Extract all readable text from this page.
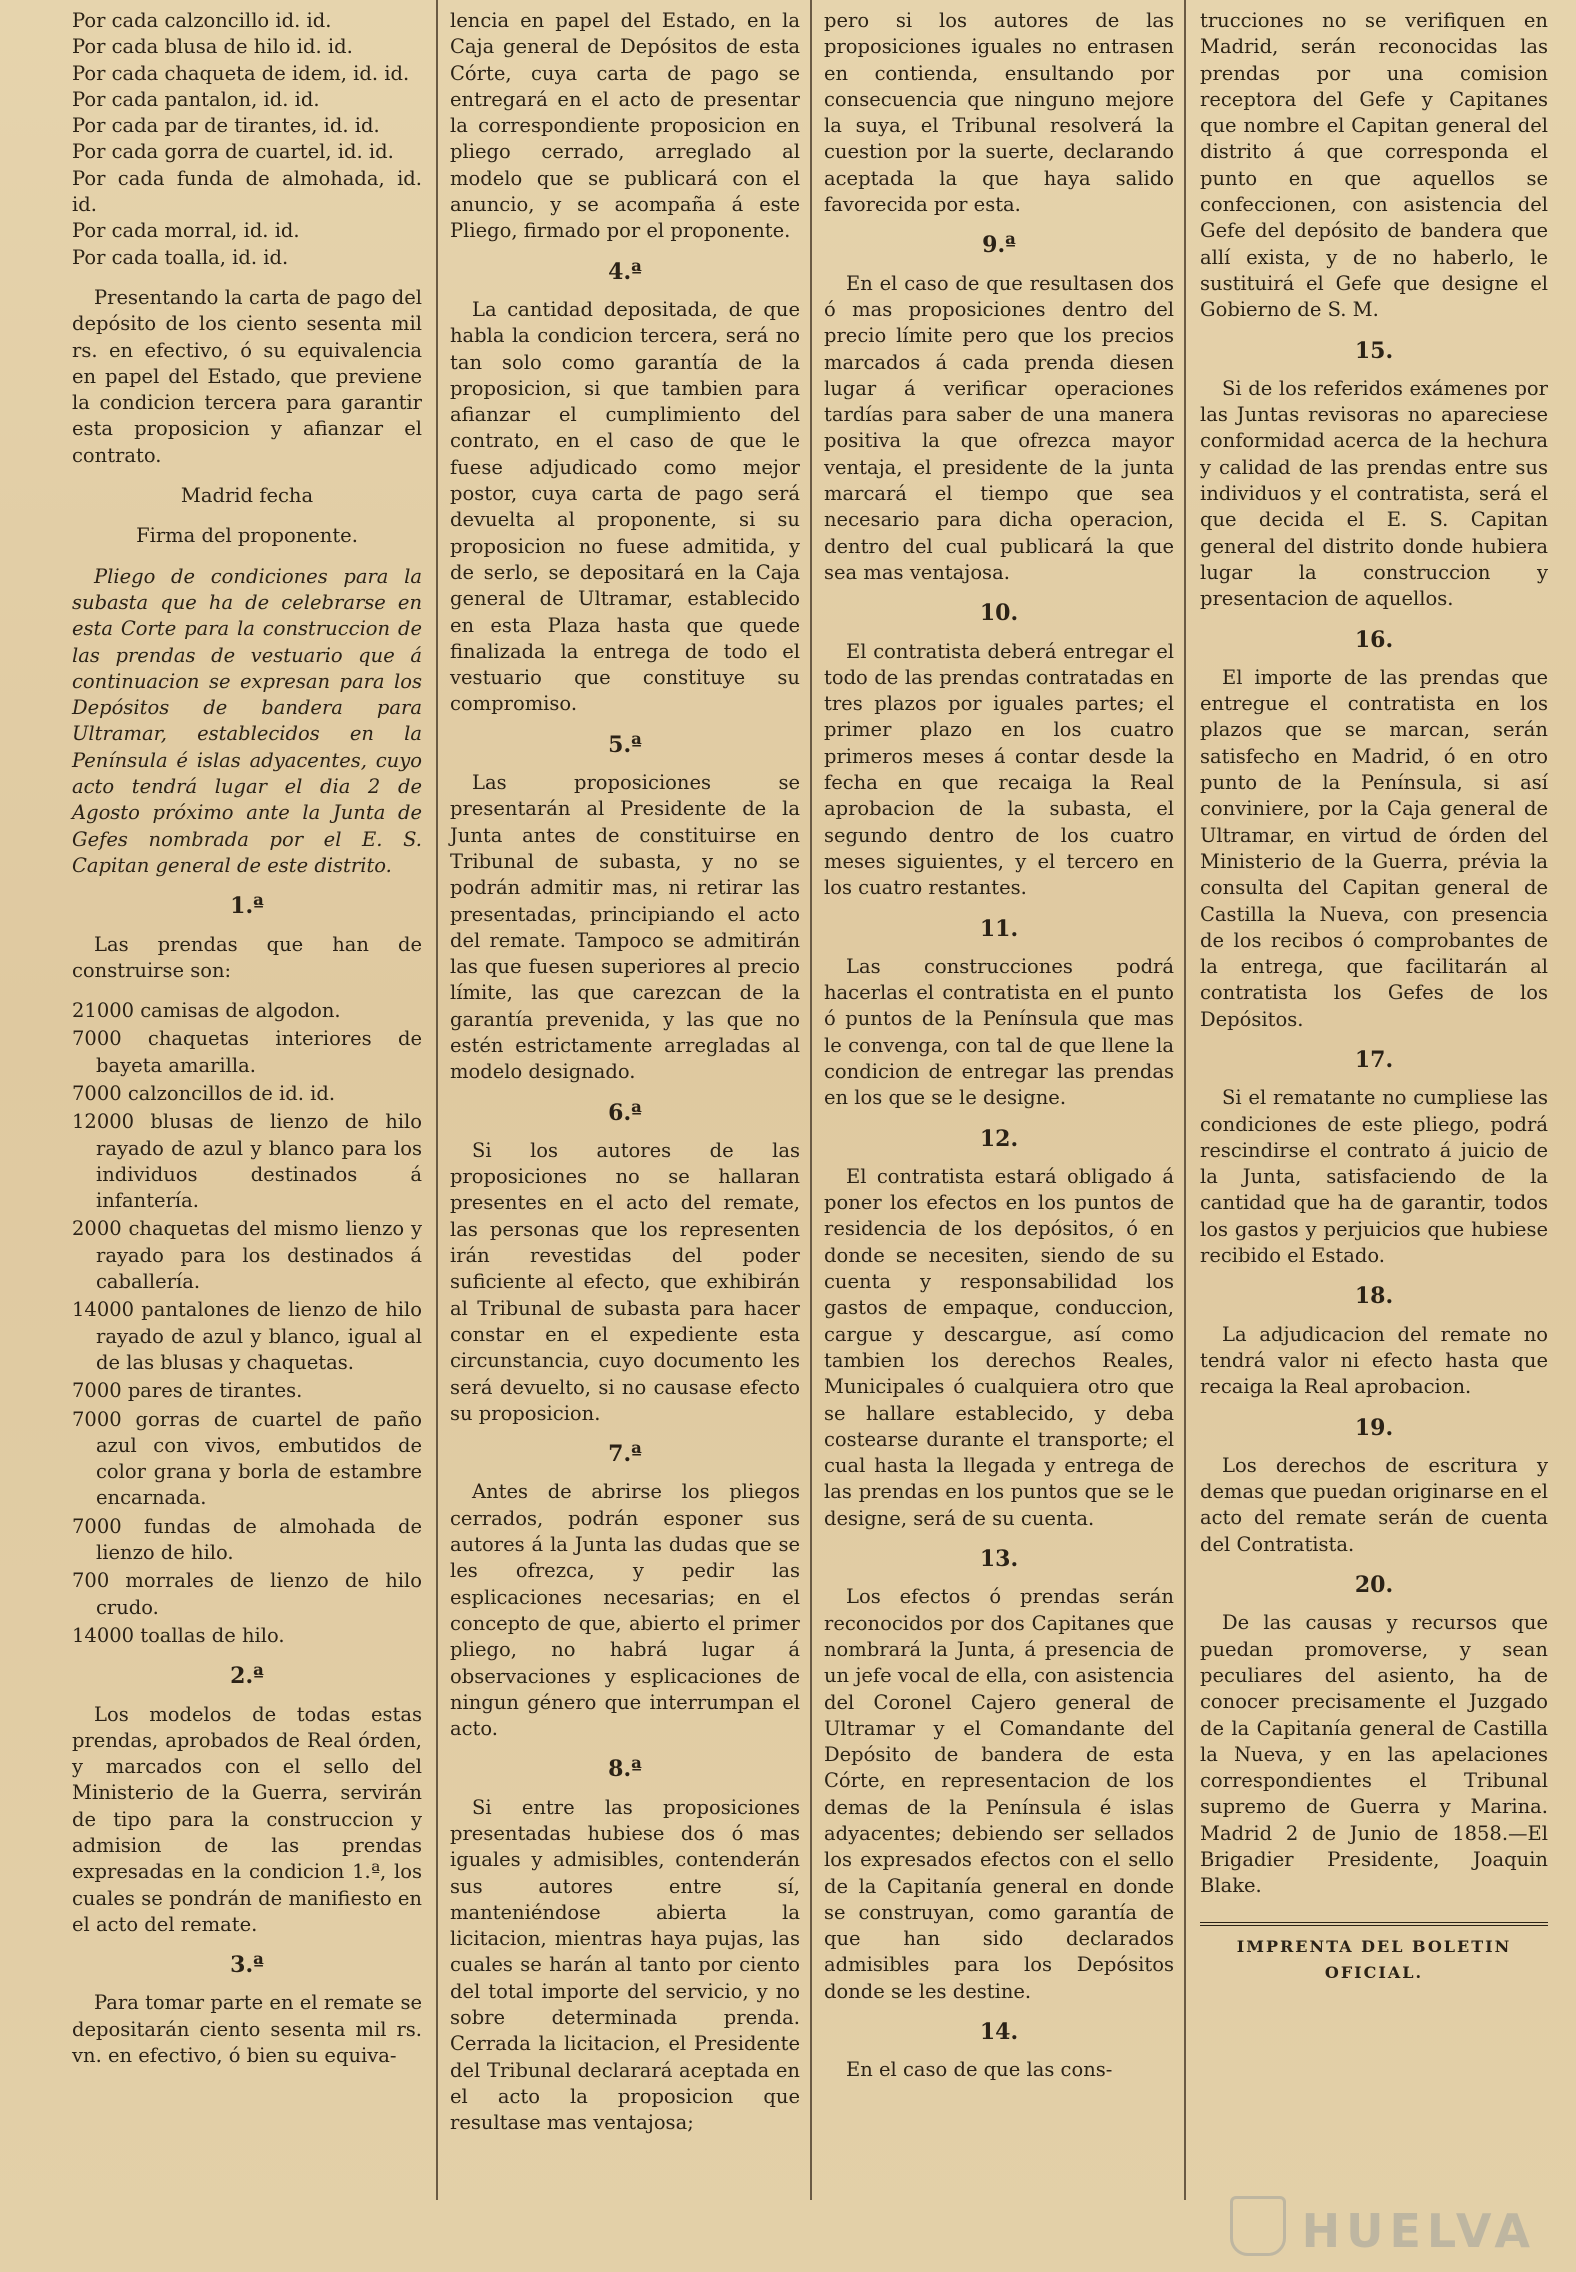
Por cada calzoncillo id. id.
Por cada blusa de hilo id. id.
Por cada chaqueta de idem, id. id.
Por cada pantalon, id. id.
Por cada par de tirantes, id. id.
Por cada gorra de cuartel, id. id.
Por cada funda de almohada, id. id.
Por cada morral, id. id.
Por cada toalla, id. id.

Presentando la carta de pago del depósito de los ciento sesenta mil rs. en efectivo, ó su equivalencia en papel del Estado, que previene la condicion tercera para garantir esta proposicion y afianzar el contrato.

Madrid fecha

Firma del proponente.

Pliego de condiciones para la subasta que ha de celebrarse en esta Corte para la construccion de las prendas de vestuario que á continuacion se expresan para los Depósitos de bandera para Ultramar, establecidos en la Península é islas adyacentes, cuyo acto tendrá lugar el dia 2 de Agosto próximo ante la Junta de Gefes nombrada por el E. S. Capitan general de este distrito.

1.ª

Las prendas que han de construirse son:

21000 camisas de algodon.

7000 chaquetas interiores de bayeta amarilla.

7000 calzoncillos de id. id.

12000 blusas de lienzo de hilo rayado de azul y blanco para los individuos destinados á infantería.

2000 chaquetas del mismo lienzo y rayado para los destinados á caballería.

14000 pantalones de lienzo de hilo rayado de azul y blanco, igual al de las blusas y chaquetas.

7000 pares de tirantes.

7000 gorras de cuartel de paño azul con vivos, embutidos de color grana y borla de estambre encarnada.

7000 fundas de almohada de lienzo de hilo.

700 morrales de lienzo de hilo crudo.

14000 toallas de hilo.

2.ª

Los modelos de todas estas prendas, aprobados de Real órden, y marcados con el sello del Ministerio de la Guerra, servirán de tipo para la construccion y admision de las prendas expresadas en la condicion 1.ª, los cuales se pondrán de manifiesto en el acto del remate.

3.ª

Para tomar parte en el remate se depositarán ciento sesenta mil rs. vn. en efectivo, ó bien su equiva-

lencia en papel del Estado, en la Caja general de Depósitos de esta Córte, cuya carta de pago se entregará en el acto de presentar la correspondiente proposicion en pliego cerrado, arreglado al modelo que se publicará con el anuncio, y se acompaña á este Pliego, firmado por el proponente.

4.ª

La cantidad depositada, de que habla la condicion tercera, será no tan solo como garantía de la proposicion, si que tambien para afianzar el cumplimiento del contrato, en el caso de que le fuese adjudicado como mejor postor, cuya carta de pago será devuelta al proponente, si su proposicion no fuese admitida, y de serlo, se depositará en la Caja general de Ultramar, establecido en esta Plaza hasta que quede finalizada la entrega de todo el vestuario que constituye su compromiso.

5.ª

Las proposiciones se presentarán al Presidente de la Junta antes de constituirse en Tribunal de subasta, y no se podrán admitir mas, ni retirar las presentadas, principiando el acto del remate. Tampoco se admitirán las que fuesen superiores al precio límite, las que carezcan de la garantía prevenida, y las que no estén estrictamente arregladas al modelo designado.

6.ª

Si los autores de las proposiciones no se hallaran presentes en el acto del remate, las personas que los representen irán revestidas del poder suficiente al efecto, que exhibirán al Tribunal de subasta para hacer constar en el expediente esta circunstancia, cuyo documento les será devuelto, si no causase efecto su proposicion.

7.ª

Antes de abrirse los pliegos cerrados, podrán esponer sus autores á la Junta las dudas que se les ofrezca, y pedir las esplicaciones necesarias; en el concepto de que, abierto el primer pliego, no habrá lugar á observaciones y esplicaciones de ningun género que interrumpan el acto.

8.ª

Si entre las proposiciones presentadas hubiese dos ó mas iguales y admisibles, contenderán sus autores entre sí, manteniéndose abierta la licitacion, mientras haya pujas, las cuales se harán al tanto por ciento del total importe del servicio, y no sobre determinada prenda. Cerrada la licitacion, el Presidente del Tribunal declarará aceptada en el acto la proposicion que resultase mas ventajosa;

pero si los autores de las proposiciones iguales no entrasen en contienda, ensultando por consecuencia que ninguno mejore la suya, el Tribunal resolverá la cuestion por la suerte, declarando aceptada la que haya salido favorecida por esta.

9.ª

En el caso de que resultasen dos ó mas proposiciones dentro del precio límite pero que los precios marcados á cada prenda diesen lugar á verificar operaciones tardías para saber de una manera positiva la que ofrezca mayor ventaja, el presidente de la junta marcará el tiempo que sea necesario para dicha operacion, dentro del cual publicará la que sea mas ventajosa.

10.

El contratista deberá entregar el todo de las prendas contratadas en tres plazos por iguales partes; el primer plazo en los cuatro primeros meses á contar desde la fecha en que recaiga la Real aprobacion de la subasta, el segundo dentro de los cuatro meses siguientes, y el tercero en los cuatro restantes.

11.

Las construcciones podrá hacerlas el contratista en el punto ó puntos de la Península que mas le convenga, con tal de que llene la condicion de entregar las prendas en los que se le designe.

12.

El contratista estará obligado á poner los efectos en los puntos de residencia de los depósitos, ó en donde se necesiten, siendo de su cuenta y responsabilidad los gastos de empaque, conduccion, cargue y descargue, así como tambien los derechos Reales, Municipales ó cualquiera otro que se hallare establecido, y deba costearse durante el transporte; el cual hasta la llegada y entrega de las prendas en los puntos que se le designe, será de su cuenta.

13.

Los efectos ó prendas serán reconocidos por dos Capitanes que nombrará la Junta, á presencia de un jefe vocal de ella, con asistencia del Coronel Cajero general de Ultramar y el Comandante del Depósito de bandera de esta Córte, en representacion de los demas de la Península é islas adyacentes; debiendo ser sellados los expresados efectos con el sello de la Capitanía general en donde se construyan, como garantía de que han sido declarados admisibles para los Depósitos donde se les destine.

14.

En el caso de que las cons-

trucciones no se verifiquen en Madrid, serán reconocidas las prendas por una comision receptora del Gefe y Capitanes que nombre el Capitan general del distrito á que corresponda el punto en que aquellos se confeccionen, con asistencia del Gefe del depósito de bandera que allí exista, y de no haberlo, le sustituirá el Gefe que designe el Gobierno de S. M.

15.

Si de los referidos exámenes por las Juntas revisoras no apareciese conformidad acerca de la hechura y calidad de las prendas entre sus individuos y el contratista, será el que decida el E. S. Capitan general del distrito donde hubiera lugar la construccion y presentacion de aquellos.

16.

El importe de las prendas que entregue el contratista en los plazos que se marcan, serán satisfecho en Madrid, ó en otro punto de la Península, si así conviniere, por la Caja general de Ultramar, en virtud de órden del Ministerio de la Guerra, prévia la consulta del Capitan general de Castilla la Nueva, con presencia de los recibos ó comprobantes de la entrega, que facilitarán al contratista los Gefes de los Depósitos.

17.

Si el rematante no cumpliese las condiciones de este pliego, podrá rescindirse el contrato á juicio de la Junta, satisfaciendo de la cantidad que ha de garantir, todos los gastos y perjuicios que hubiese recibido el Estado.

18.

La adjudicacion del remate no tendrá valor ni efecto hasta que recaiga la Real aprobacion.

19.

Los derechos de escritura y demas que puedan originarse en el acto del remate serán de cuenta del Contratista.

20.

De las causas y recursos que puedan promoverse, y sean peculiares del asiento, ha de conocer precisamente el Juzgado de la Capitanía general de Castilla la Nueva, y en las apelaciones correspondientes el Tribunal supremo de Guerra y Marina. Madrid 2 de Junio de 1858.—El Brigadier Presidente, Joaquin Blake.

IMPRENTA DEL BOLETIN OFICIAL.
HUELVA
